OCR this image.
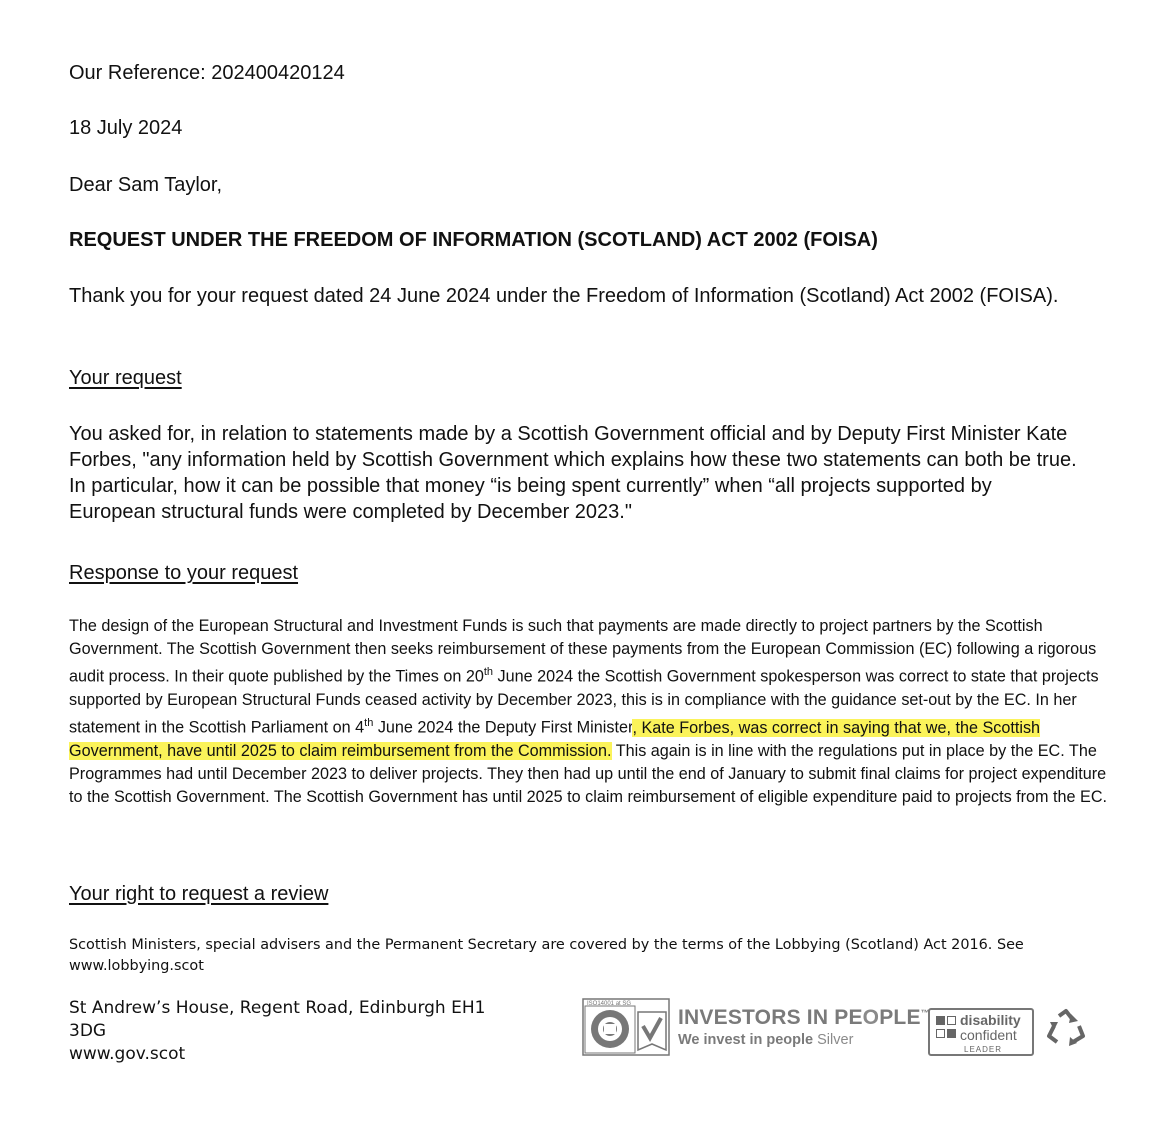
Our Reference: 202400420124
18 July 2024
Dear Sam Taylor,
REQUEST UNDER THE FREEDOM OF INFORMATION (SCOTLAND) ACT 2002 (FOISA)
Thank you for your request dated 24 June 2024 under the Freedom of Information (Scotland) Act 2002 (FOISA).
Your request
You asked for, in relation to statements made by a Scottish Government official and by Deputy First Minister Kate Forbes, "any information held by Scottish Government which explains how these two statements can both be true. In particular, how it can be possible that money “is being spent currently” when “all projects supported by European structural funds were completed by December 2023."
Response to your request

The design of the European Structural and Investment Funds is such that payments are made directly to project partners by the Scottish Government. The Scottish Government then seeks reimbursement of these payments from the European Commission (EC) following a rigorous audit process. In their quote published by the Times on 20th June 2024 the Scottish Government spokesperson was correct to state that projects supported by European Structural Funds ceased activity by December 2023, this is in compliance with the guidance set-out by the EC. In her statement in the Scottish Parliament on 4th June 2024 the Deputy First Minister, Kate Forbes, was correct in saying that we, the Scottish Government, have until 2025 to claim reimbursement from the Commission. This again is in line with the regulations put in place by the EC. The Programmes had until December 2023 to deliver projects. They then had up until the end of January to submit final claims for project expenditure to the Scottish Government. The Scottish Government has until 2025 to claim reimbursement of eligible expenditure paid to projects from the EC.

Your right to request a review
Scottish Ministers, special advisers and the Permanent Secretary are covered by the terms of the Lobbying (Scotland) Act 2016. See www.lobbying.scot
St Andrew’s House, Regent Road, Edinburgh EH1
3DG
www.gov.scot
ISO14001 at SG
INVESTORS IN PEOPLE™
We invest in people Silver
disability
confident
LEADER
